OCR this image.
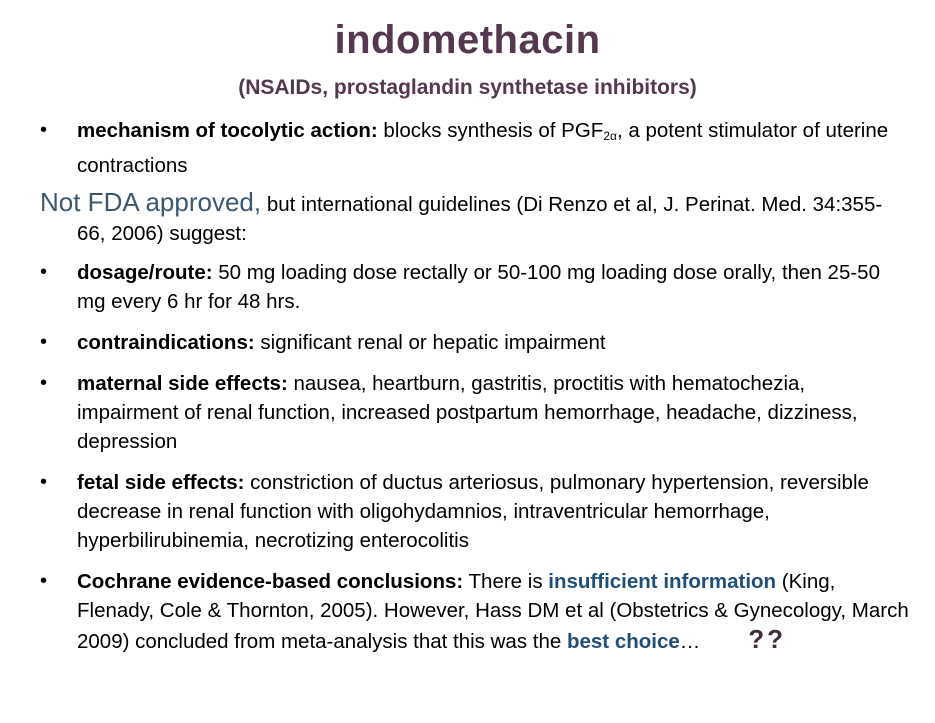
indomethacin
(NSAIDs, prostaglandin synthetase inhibitors)
• mechanism of tocolytic action: blocks synthesis of $PGF_{2\alpha}$, a potent stimulator of uterine contractions
Not FDA approved, but international guidelines (Di Renzo et al, J. Perinat. Med. 34:355-66, 2006) suggest:
• dosage/route: 50 mg loading dose rectally or 50-100 mg loading dose orally, then 25-50 mg every 6 hr for 48 hrs.
• contraindications: significant renal or hepatic impairment
• maternal side effects: nausea, heartburn, gastritis, proctitis with hematochezia, impairment of renal function, increased postpartum hemorrhage, headache, dizziness, depression
• fetal side effects: constriction of ductus arteriosus, pulmonary hypertension, reversible decrease in renal function with oligohydamnios, intraventricular hemorrhage, hyperbilirubinemia, necrotizing enterocolitis
• Cochrane evidence-based conclusions: There is insufficient information (King, Flenady, Cole & Thornton, 2005). However, Hass DM et al (Obstetrics & Gynecology, March 2009) concluded from meta-analysis that this was the best choice… ??
